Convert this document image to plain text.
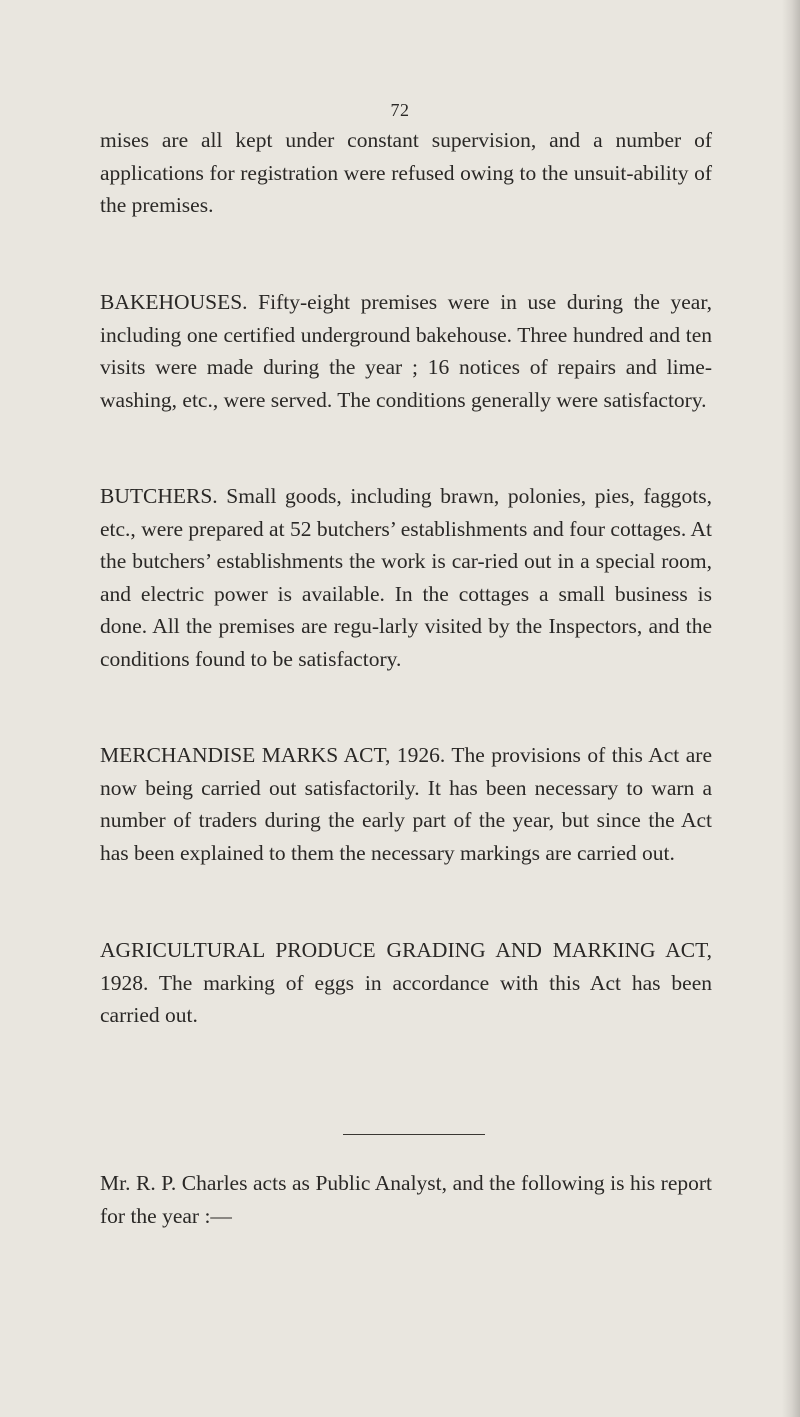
72

mises are all kept under constant supervision, and a number of applications for registration were refused owing to the unsuit-ability of the premises.

BAKEHOUSES. Fifty-eight premises were in use during the year, including one certified underground bakehouse. Three hundred and ten visits were made during the year ; 16 notices of repairs and lime-washing, etc., were served. The conditions generally were satisfactory.

BUTCHERS. Small goods, including brawn, polonies, pies, faggots, etc., were prepared at 52 butchers’ establishments and four cottages. At the butchers’ establishments the work is car-ried out in a special room, and electric power is available. In the cottages a small business is done. All the premises are regu-larly visited by the Inspectors, and the conditions found to be satisfactory.

MERCHANDISE MARKS ACT, 1926. The provisions of this Act are now being carried out satisfactorily. It has been necessary to warn a number of traders during the early part of the year, but since the Act has been explained to them the necessary markings are carried out.

AGRICULTURAL PRODUCE GRADING AND MARKING ACT, 1928. The marking of eggs in accordance with this Act has been carried out.

Mr. R. P. Charles acts as Public Analyst, and the following is his report for the year :—
